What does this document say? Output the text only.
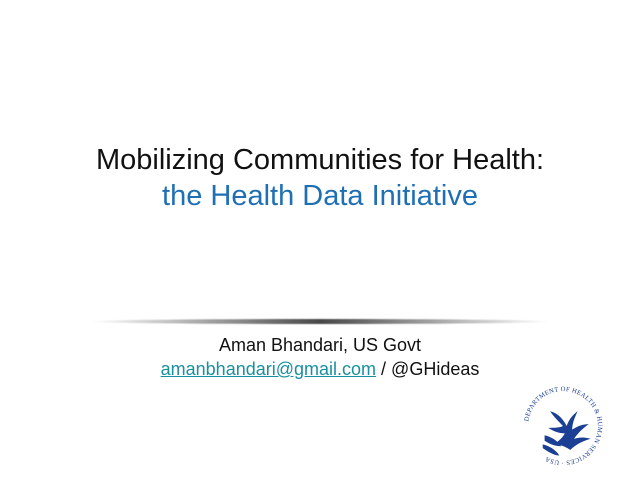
Mobilizing Communities for Health:
the Health Data Initiative
Aman Bhandari, US Govt
amanbhandari@gmail.com / @GHideas
DEPARTMENT OF HEALTH & HUMAN SERVICES · USA
